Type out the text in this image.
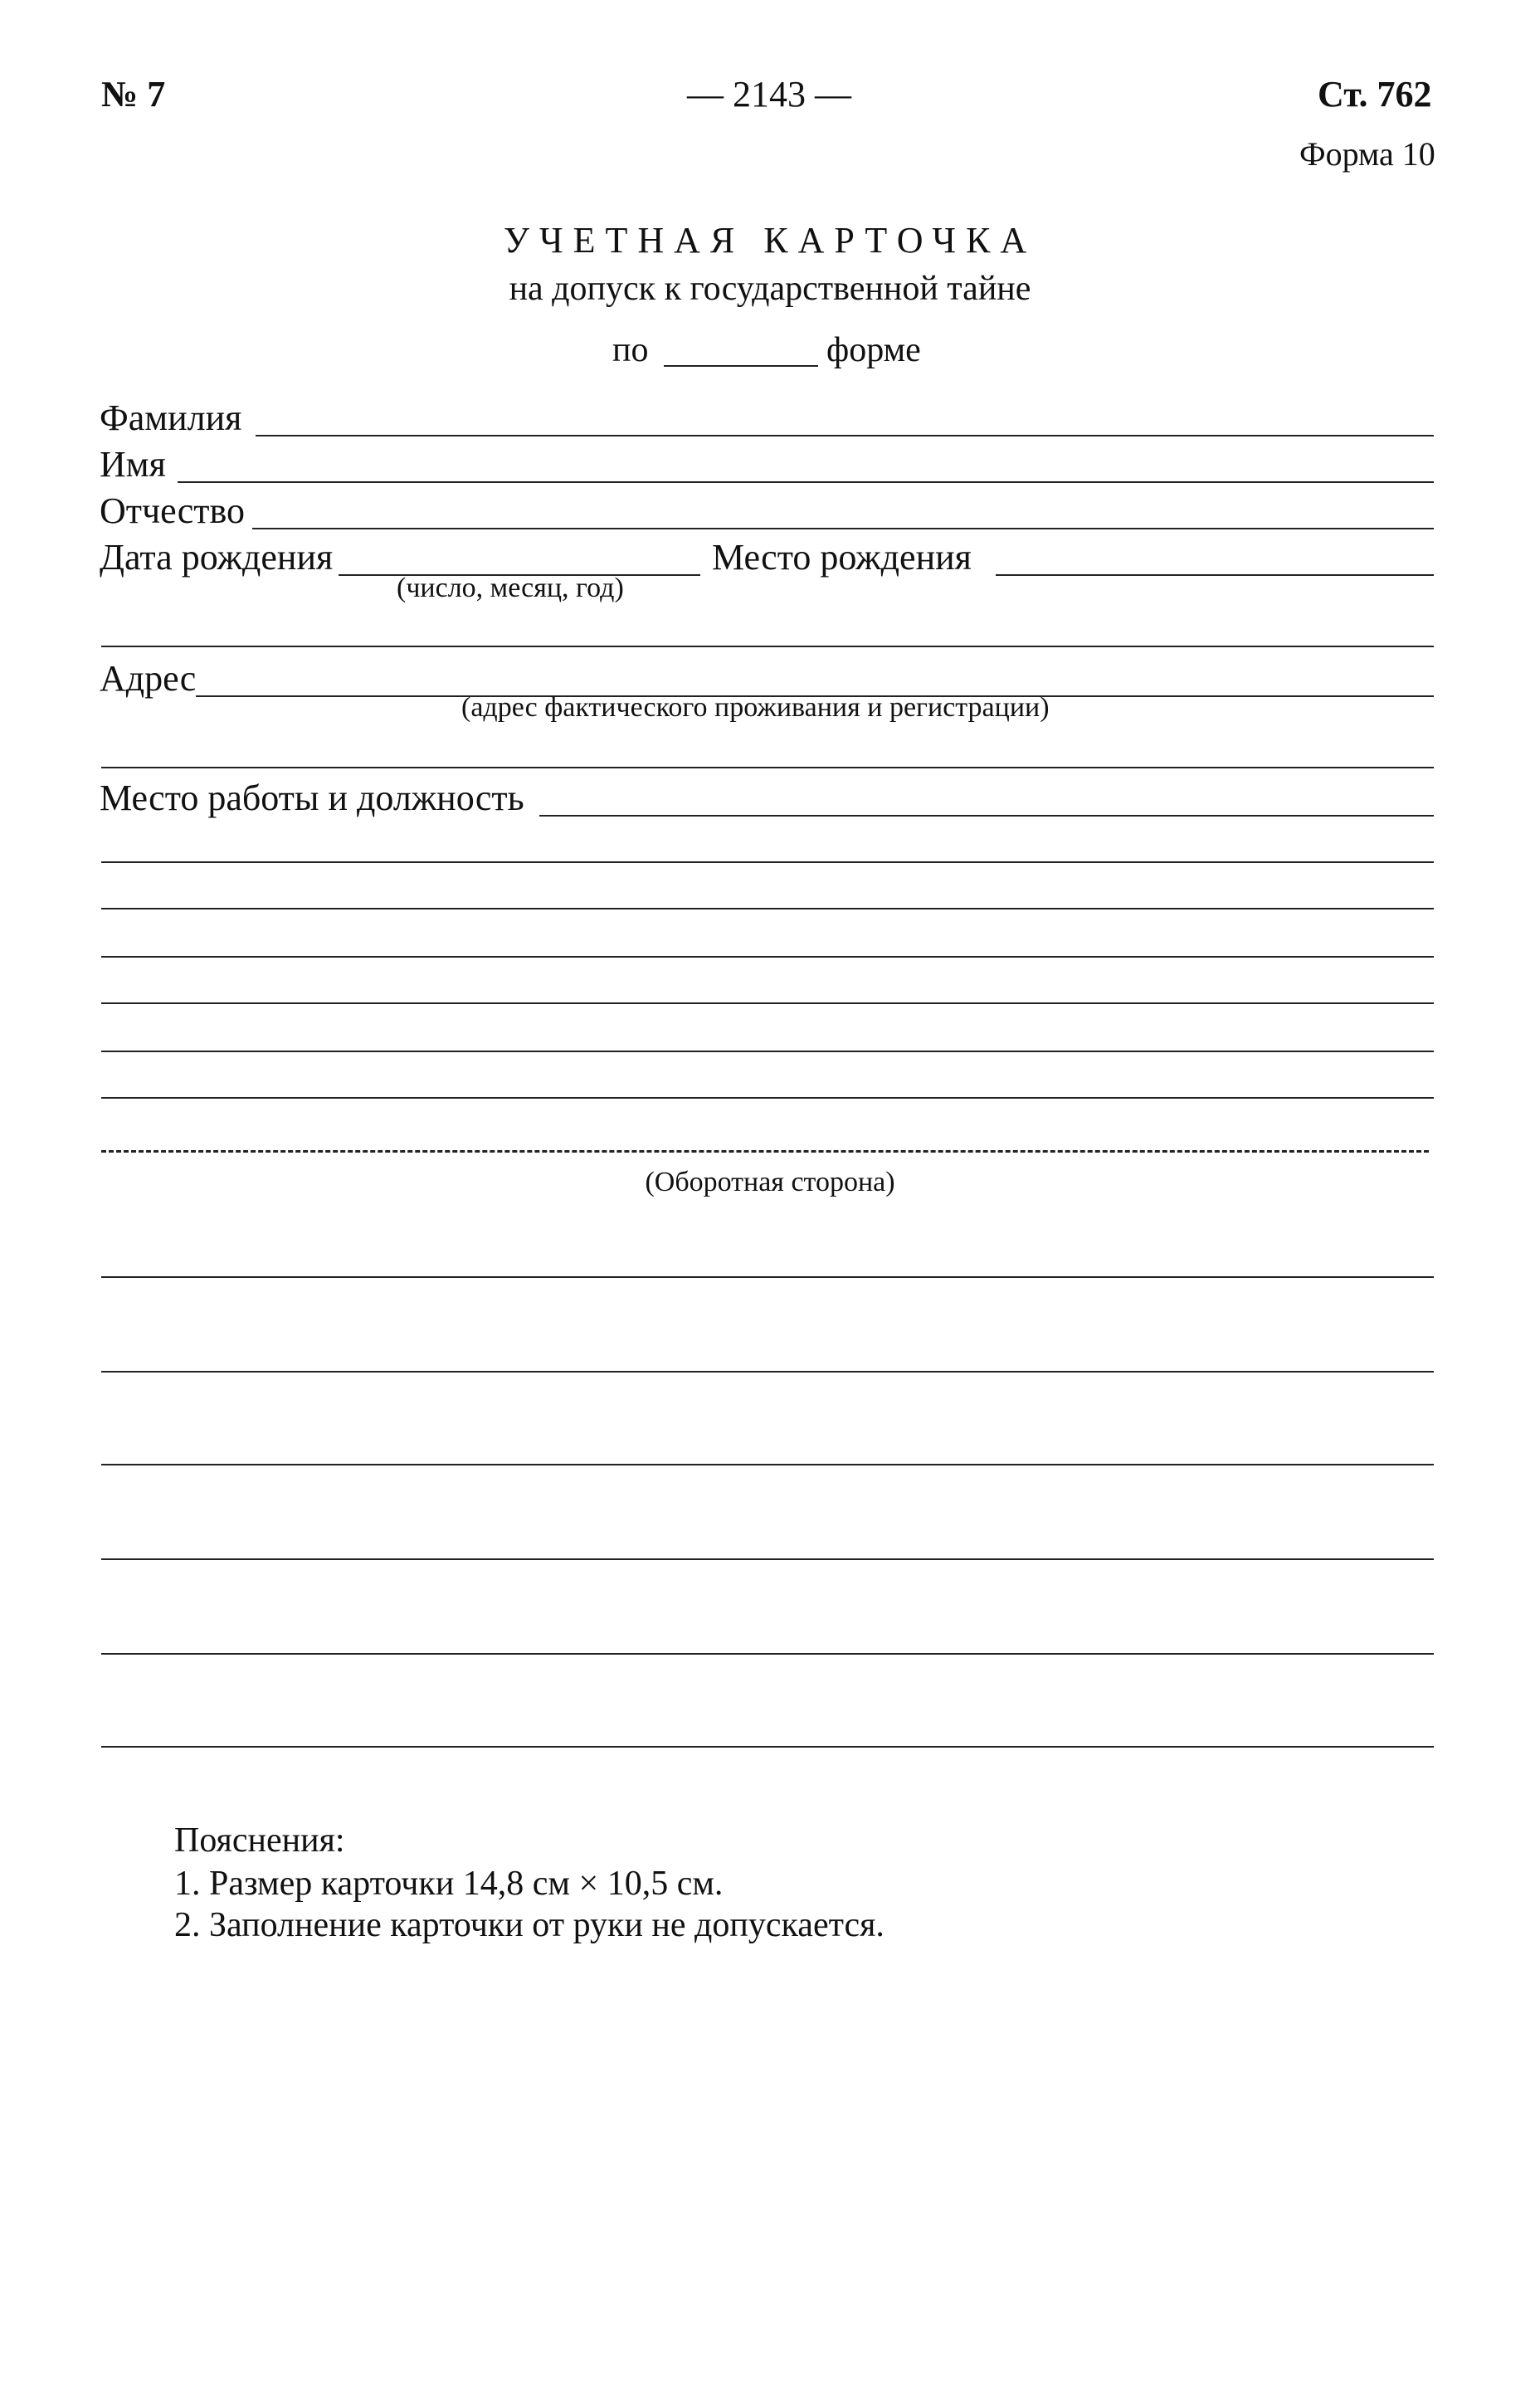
№ 7	— 2143 —	Ст. 762
Форма 10
УЧЕТНАЯ КАРТОЧКА
на допуск к государственной тайне
по	форме
Фамилия
Имя
Отчество
Дата рождения
(число, месяц, год)
Место рождения
Адрес
(адрес фактического проживания и регистрации)
Место работы и должность
(Оборотная сторона)
Пояснения:
1. Размер карточки 14,8 см × 10,5 см.
2. Заполнение карточки от руки не допускается.
